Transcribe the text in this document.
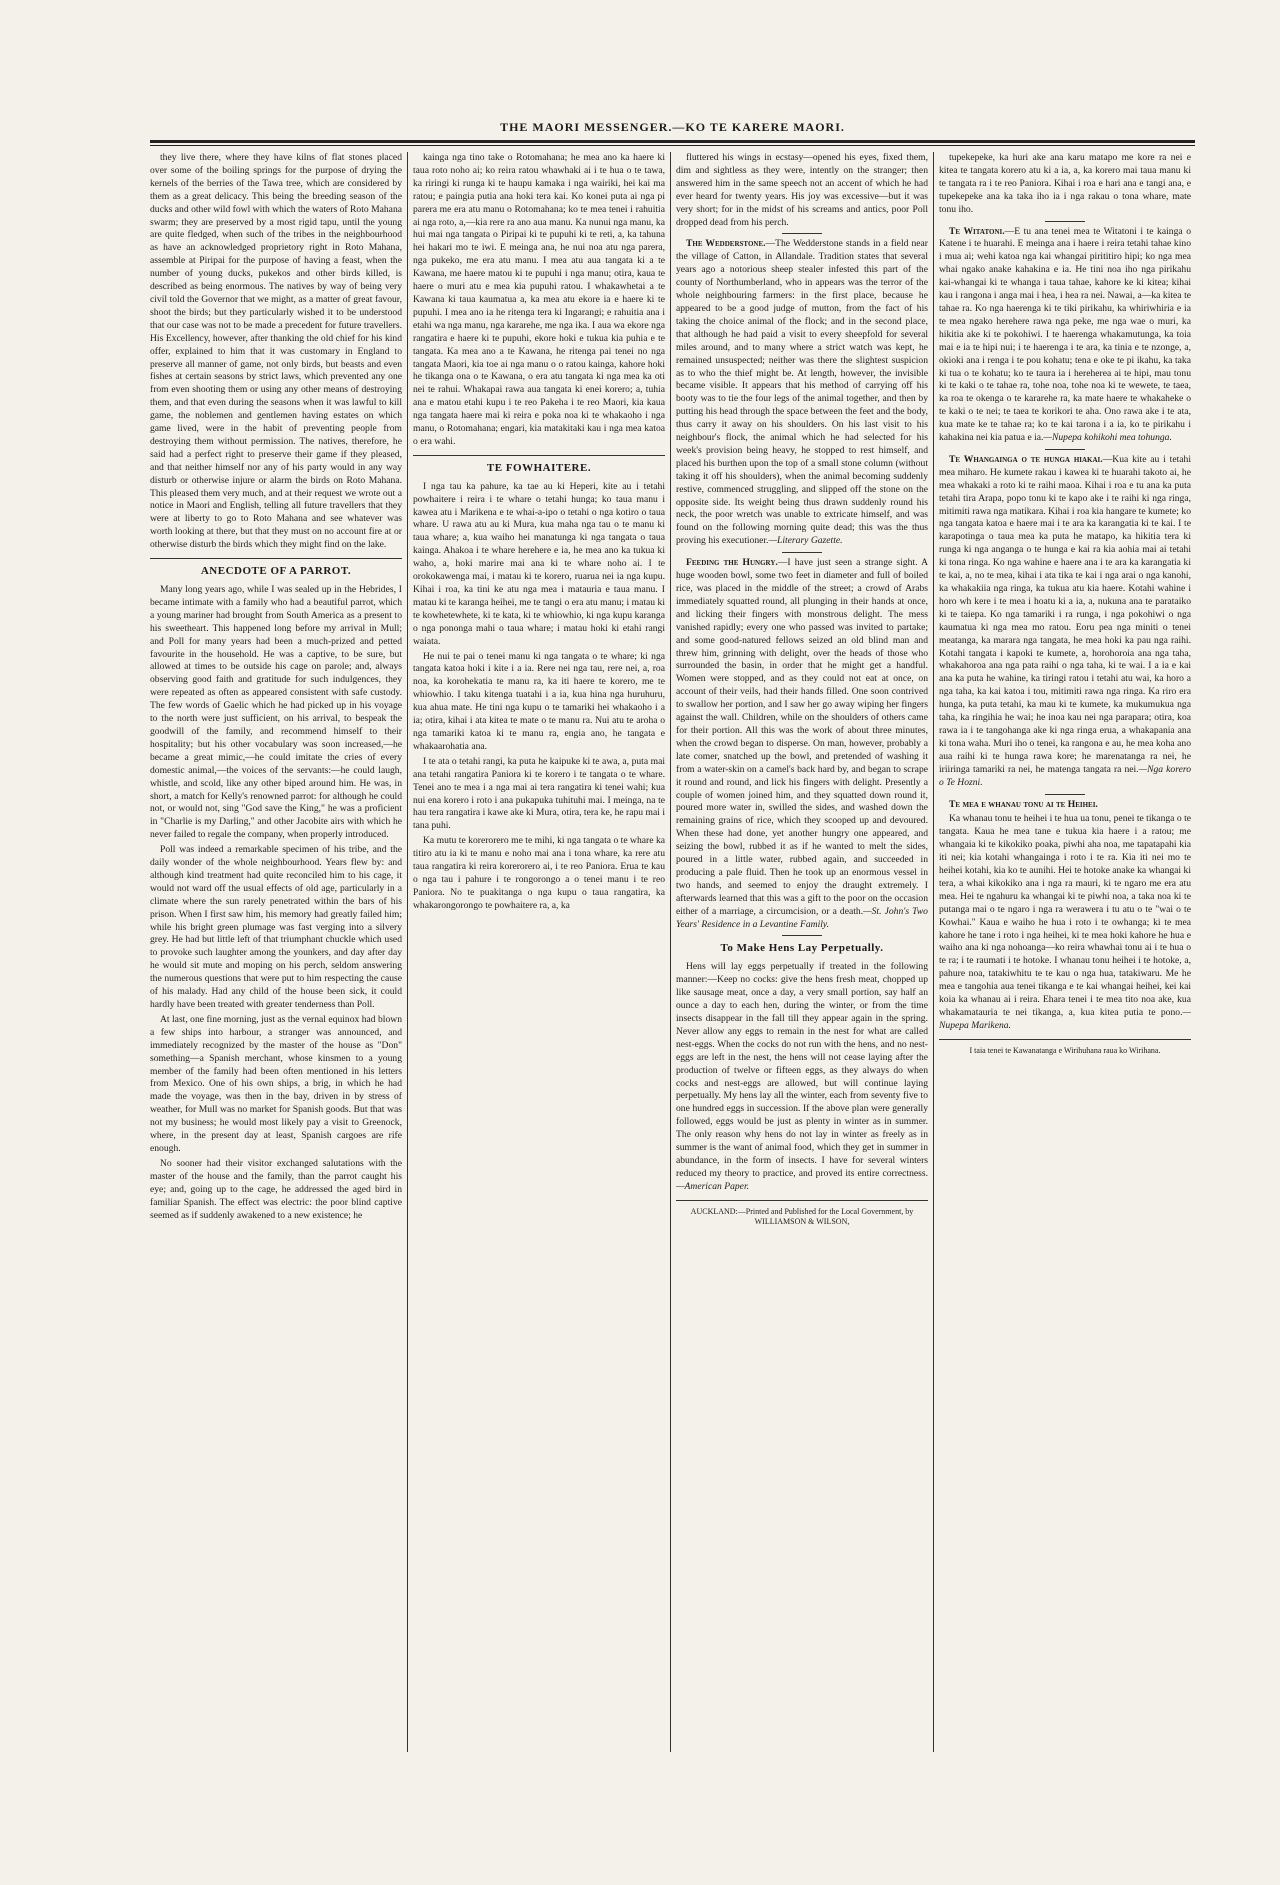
THE MAORI MESSENGER.—KO TE KARERE MAORI.

they live there, where they have kilns of flat stones placed over some of the boiling springs for the purpose of drying the kernels of the berries of the Tawa tree, which are considered by them as a great delicacy. This being the breeding season of the ducks and other wild fowl with which the waters of Roto Mahana swarm; they are preserved by a most rigid tapu, until the young are quite fledged, when such of the tribes in the neighbourhood as have an acknowledged proprietory right in Roto Mahana, assemble at Piripai for the purpose of having a feast, when the number of young ducks, pukekos and other birds killed, is described as being enormous. The natives by way of being very civil told the Governor that we might, as a matter of great favour, shoot the birds; but they particularly wished it to be understood that our case was not to be made a precedent for future travellers. His Excellency, however, after thanking the old chief for his kind offer, explained to him that it was customary in England to preserve all manner of game, not only birds, but beasts and even fishes at certain seasons by strict laws, which prevented any one from even shooting them or using any other means of destroying them, and that even during the seasons when it was lawful to kill game, the noblemen and gentlemen having estates on which game lived, were in the habit of preventing people from destroying them without permission. The natives, therefore, he said had a perfect right to preserve their game if they pleased, and that neither himself nor any of his party would in any way disturb or otherwise injure or alarm the birds on Roto Mahana. This pleased them very much, and at their request we wrote out a notice in Maori and English, telling all future travellers that they were at liberty to go to Roto Mahana and see whatever was worth looking at there, but that they must on no account fire at or otherwise disturb the birds which they might find on the lake.

ANECDOTE OF A PARROT.

Many long years ago, while I was sealed up in the Hebrides, I became intimate with a family who had a beautiful parrot, which a young mariner had brought from South America as a present to his sweetheart. This happened long before my arrival in Mull; and Poll for many years had been a much-prized and petted favourite in the household. He was a captive, to be sure, but allowed at times to be outside his cage on parole; and, always observing good faith and gratitude for such indulgences, they were repeated as often as appeared consistent with safe custody. The few words of Gaelic which he had picked up in his voyage to the north were just sufficient, on his arrival, to bespeak the goodwill of the family, and recommend himself to their hospitality; but his other vocabulary was soon increased,—he became a great mimic,—he could imitate the cries of every domestic animal,—the voices of the servants:—he could laugh, whistle, and scold, like any other biped around him. He was, in short, a match for Kelly's renowned parrot: for although he could not, or would not, sing "God save the King," he was a proficient in "Charlie is my Darling," and other Jacobite airs with which he never failed to regale the company, when properly introduced.

Poll was indeed a remarkable specimen of his tribe, and the daily wonder of the whole neighbourhood. Years flew by: and although kind treatment had quite reconciled him to his cage, it would not ward off the usual effects of old age, particularly in a climate where the sun rarely penetrated within the bars of his prison. When I first saw him, his memory had greatly failed him; while his bright green plumage was fast verging into a silvery grey. He had but little left of that triumphant chuckle which used to provoke such laughter among the younkers, and day after day he would sit mute and moping on his perch, seldom answering the numerous questions that were put to him respecting the cause of his malady. Had any child of the house been sick, it could hardly have been treated with greater tenderness than Poll.

At last, one fine morning, just as the vernal equinox had blown a few ships into harbour, a stranger was announced, and immediately recognized by the master of the house as "Don" something—a Spanish merchant, whose kinsmen to a young member of the family had been often mentioned in his letters from Mexico. One of his own ships, a brig, in which he had made the voyage, was then in the bay, driven in by stress of weather, for Mull was no market for Spanish goods. But that was not my business; he would most likely pay a visit to Greenock, where, in the present day at least, Spanish cargoes are rife enough.

No sooner had their visitor exchanged salutations with the master of the house and the family, than the parrot caught his eye; and, going up to the cage, he addressed the aged bird in familiar Spanish. The effect was electric: the poor blind captive seemed as if suddenly awakened to a new existence; he

kainga nga tino take o Rotomahana; he mea ano ka haere ki taua roto noho ai; ko reira ratou whawhaki ai i te hua o te tawa, ka riringi ki runga ki te haupu kamaka i nga wairiki, hei kai ma ratou; e paingia putia ana hoki tera kai. Ko konei puta ai nga pi parera me era atu manu o Rotomahana; ko te mea tenei i rahuitia ai nga roto, a,—kia rere ra ano aua manu. Ka nunui nga manu, ka hui mai nga tangata o Piripai ki te pupuhi ki te reti, a, ka tahuna hei hakari mo te iwi. E meinga ana, he nui noa atu nga parera, nga pukeko, me era atu manu. I mea atu aua tangata ki a te Kawana, me haere matou ki te pupuhi i nga manu; otira, kaua te haere o muri atu e mea kia pupuhi ratou. I whakawhetai a te Kawana ki taua kaumatua a, ka mea atu ekore ia e haere ki te pupuhi. I mea ano ia he ritenga tera ki Ingarangi; e rahuitia ana i etahi wa nga manu, nga kararehe, me nga ika. I aua wa ekore nga rangatira e haere ki te pupuhi, ekore hoki e tukua kia puhia e te tangata. Ka mea ano a te Kawana, he ritenga pai tenei no nga tangata Maori, kia toe ai nga manu o o ratou kainga, kahore hoki he tikanga ona o te Kawana, o era atu tangata ki nga mea ka oti nei te rahui. Whakapai rawa aua tangata ki enei korero; a, tuhia ana e matou etahi kupu i te reo Pakeha i te reo Maori, kia kaua nga tangata haere mai ki reira e poka noa ki te whakaoho i nga manu, o Rotomahana; engari, kia matakitaki kau i nga mea katoa o era wahi.

TE FOWHAITERE.

I nga tau ka pahure, ka tae au ki Heperi, kite au i tetahi powhaitere i reira i te whare o tetahi hunga; ko taua manu i kawea atu i Marikena e te whai-a-ipo o tetahi o nga kotiro o taua whare. U rawa atu au ki Mura, kua maha nga tau o te manu ki taua whare; a, kua waiho hei manatunga ki nga tangata o taua kainga. Ahakoa i te whare herehere e ia, he mea ano ka tukua ki waho, a, hoki marire mai ana ki te whare noho ai. I te orokokawenga mai, i matau ki te korero, ruarua nei ia nga kupu. Kihai i roa, ka tini ke atu nga mea i matauria e taua manu. I matau ki te karanga heihei, me te tangi o era atu manu; i matau ki te kowhetewhete, ki te kata, ki te whiowhio, ki nga kupu karanga o nga pononga mahi o taua whare; i matau hoki ki etahi rangi waiata.

He nui te pai o tenei manu ki nga tangata o te whare; ki nga tangata katoa hoki i kite i a ia. Rere nei nga tau, rere nei, a, roa noa, ka korohekatia te manu ra, ka iti haere te korero, me te whiowhio. I taku kitenga tuatahi i a ia, kua hina nga huruhuru, kua ahua mate. He tini nga kupu o te tamariki hei whakaoho i a ia; otira, kihai i ata kitea te mate o te manu ra. Nui atu te aroha o nga tamariki katoa ki te manu ra, engia ano, he tangata e whakaarohatia ana.

I te ata o tetahi rangi, ka puta he kaipuke ki te awa, a, puta mai ana tetahi rangatira Paniora ki te korero i te tangata o te whare. Tenei ano te mea i a nga mai ai tera rangatira ki tenei wahi; kua nui ena korero i roto i ana pukapuka tuhituhi mai. I meinga, na te hau tera rangatira i kawe ake ki Mura, otira, tera ke, he rapu mai i tana puhi.

Ka mutu te korerorero me te mihi, ki nga tangata o te whare ka titiro atu ia ki te manu e noho mai ana i tona whare, ka rere atu taua rangatira ki reira korerorero ai, i te reo Paniora. Erua te kau o nga tau i pahure i te rongorongo a o tenei manu i te reo Paniora. No te puakitanga o nga kupu o taua rangatira, ka whakarongorongo te powhaitere ra, a, ka

fluttered his wings in ecstasy—opened his eyes, fixed them, dim and sightless as they were, intently on the stranger; then answered him in the same speech not an accent of which he had ever heard for twenty years. His joy was excessive—but it was very short; for in the midst of his screams and antics, poor Poll dropped dead from his perch.

The Wedderstone.—The Wedderstone stands in a field near the village of Catton, in Allandale. Tradition states that several years ago a notorious sheep stealer infested this part of the county of Northumberland, who in appears was the terror of the whole neighbouring farmers: in the first place, because he appeared to be a good judge of mutton, from the fact of his taking the choice animal of the flock; and in the second place, that although he had paid a visit to every sheepfold for several miles around, and to many where a strict watch was kept, he remained unsuspected; neither was there the slightest suspicion as to who the thief might be. At length, however, the invisible became visible. It appears that his method of carrying off his booty was to tie the four legs of the animal together, and then by putting his head through the space between the feet and the body, thus carry it away on his shoulders. On his last visit to his neighbour's flock, the animal which he had selected for his week's provision being heavy, he stopped to rest himself, and placed his burthen upon the top of a small stone column (without taking it off his shoulders), when the animal becoming suddenly restive, commenced struggling, and slipped off the stone on the opposite side. Its weight being thus drawn suddenly round his neck, the poor wretch was unable to extricate himself, and was found on the following morning quite dead; this was the thus proving his executioner.—Literary Gazette.

Feeding the Hungry.—I have just seen a strange sight. A huge wooden bowl, some two feet in diameter and full of boiled rice, was placed in the middle of the street; a crowd of Arabs immediately squatted round, all plunging in their hands at once, and licking their fingers with monstrous delight. The mess vanished rapidly; every one who passed was invited to partake; and some good-natured fellows seized an old blind man and threw him, grinning with delight, over the heads of those who surrounded the basin, in order that he might get a handful. Women were stopped, and as they could not eat at once, on account of their veils, had their hands filled. One soon contrived to swallow her portion, and I saw her go away wiping her fingers against the wall. Children, while on the shoulders of others came for their portion. All this was the work of about three minutes, when the crowd began to disperse. On man, however, probably a late comer, snatched up the bowl, and pretended of washing it from a water-skin on a camel's back hard by, and began to scrape it round and round, and lick his fingers with delight. Presently a couple of women joined him, and they squatted down round it, poured more water in, swilled the sides, and washed down the remaining grains of rice, which they scooped up and devoured. When these had done, yet another hungry one appeared, and seizing the bowl, rubbed it as if he wanted to melt the sides, poured in a little water, rubbed again, and succeeded in producing a pale fluid. Then he took up an enormous vessel in two hands, and seemed to enjoy the draught extremely. I afterwards learned that this was a gift to the poor on the occasion either of a marriage, a circumcision, or a death.—St. John's Two Years' Residence in a Levantine Family.

To Make Hens Lay Perpetually.

Hens will lay eggs perpetually if treated in the following manner:—Keep no cocks: give the hens fresh meat, chopped up like sausage meat, once a day, a very small portion, say half an ounce a day to each hen, during the winter, or from the time insects disappear in the fall till they appear again in the spring. Never allow any eggs to remain in the nest for what are called nest-eggs. When the cocks do not run with the hens, and no nest-eggs are left in the nest, the hens will not cease laying after the production of twelve or fifteen eggs, as they always do when cocks and nest-eggs are allowed, but will continue laying perpetually. My hens lay all the winter, each from seventy five to one hundred eggs in succession. If the above plan were generally followed, eggs would be just as plenty in winter as in summer. The only reason why hens do not lay in winter as freely as in summer is the want of animal food, which they get in summer in abundance, in the form of insects. I have for several winters reduced my theory to practice, and proved its entire correctness.—American Paper.

AUCKLAND:—Printed and Published for the Local Government, by WILLIAMSON & WILSON,

tupekepeke, ka huri ake ana karu matapo me kore ra nei e kitea te tangata korero atu ki a ia, a, ka korero mai taua manu ki te tangata ra i te reo Paniora. Kihai i roa e hari ana e tangi ana, e tupekepeke ana ka taka iho ia i nga rakau o tona whare, mate tonu iho.

Te Witatoni.—E tu ana tenei mea te Witatoni i te kainga o Katene i te huarahi. E meinga ana i haere i reira tetahi tahae kino i mua ai; wehi katoa nga kai whangai pirititiro hipi; ko nga mea whai ngako anake kahakina e ia. He tini noa iho nga pirikahu kai-whangai ki te whanga i taua tahae, kahore ke ki kitea; kihai kau i rangona i anga mai i hea, i hea ra nei. Nawai, a—ka kitea te tahae ra. Ko nga haerenga ki te tiki pirikahu, ka whiriwhiria e ia te mea ngako herehere rawa nga peke, me nga wae o muri, ka hikitia ake ki te pokohiwi. I te haerenga whakamutunga, ka toia mai e ia te hipi nui; i te haerenga i te ara, ka tinia e te nzonge, a, okioki ana i renga i te pou kohatu; tena e oke te pi ikahu, ka taka ki tua o te kohatu; ko te taura ia i hereherea ai te hipi, mau tonu ki te kaki o te tahae ra, tohe noa, tohe noa ki te wewete, te taea, ka roa te okenga o te kararehe ra, ka mate haere te whakaheke o te kaki o te nei; te taea te korikori te aha. Ono rawa ake i te ata, kua mate ke te tahae ra; ko te kai tarona i a ia, ko te pirikahu i kahakina nei kia patua e ia.—Nupepa kohikohi mea tohunga.

Te Whangainga o te hunga hiakai.—Kua kite au i tetahi mea miharo. He kumete rakau i kawea ki te huarahi takoto ai, he mea whakaki a roto ki te raihi maoa. Kihai i roa e tu ana ka puta tetahi tira Arapa, popo tonu ki te kapo ake i te raihi ki nga ringa, mitimiti rawa nga matikara. Kihai i roa kia hangare te kumete; ko nga tangata katoa e haere mai i te ara ka karangatia ki te kai. I te karapotinga o taua mea ka puta he matapo, ka hikitia tera ki runga ki nga anganga o te hunga e kai ra kia aohia mai ai tetahi ki tona ringa. Ko nga wahine e haere ana i te ara ka karangatia ki te kai, a, no te mea, kihai i ata tika te kai i nga arai o nga kanohi, ka whakakiia nga ringa, ka tukua atu kia haere. Kotahi wahine i horo wh kere i te mea i hoatu ki a ia, a, nukuna ana te parataiko ki te taiepa. Ko nga tamariki i ra runga, i nga pokohiwi o nga kaumatua ki nga mea mo ratou. Eoru pea nga miniti o tenei meatanga, ka marara nga tangata, he mea hoki ka pau nga raihi. Kotahi tangata i kapoki te kumete, a, horohoroia ana nga taha, whakahoroa ana nga pata raihi o nga taha, ki te wai. I a ia e kai ana ka puta he wahine, ka tiringi ratou i tetahi atu wai, ka horo a nga taha, ka kai katoa i tou, mitimiti rawa nga ringa. Ka riro era hunga, ka puta tetahi, ka mau ki te kumete, ka mukumukua nga taha, ka ringihia he wai; he inoa kau nei nga parapara; otira, koa rawa ia i te tangohanga ake ki nga ringa erua, a whakapania ana ki tona waha. Muri iho o tenei, ka rangona e au, he mea koha ano aua raihi ki te hunga rawa kore; he marenatanga ra nei, he iriiringa tamariki ra nei, he matenga tangata ra nei.—Nga korero o Te Hozni.

Te mea e whanau tonu ai te Heihei.

Ka whanau tonu te heihei i te hua ua tonu, penei te tikanga o te tangata. Kaua he mea tane e tukua kia haere i a ratou; me whangaia ki te kikokiko poaka, piwhi aha noa, me tapatapahi kia iti nei; kia kotahi whangainga i roto i te ra. Kia iti nei mo te heihei kotahi, kia ko te aunihi. Hei te hotoke anake ka whangai ki tera, a whai kikokiko ana i nga ra mauri, ki te ngaro me era atu mea. Hei te ngahuru ka whangai ki te piwhi noa, a taka noa ki te putanga mai o te ngaro i nga ra werawera i tu atu o te "wai o te Kowhai." Kaua e waiho he hua i roto i te owhanga; ki te mea kahore he tane i roto i nga heihei, ki te mea hoki kahore he hua e waiho ana ki nga nohoanga—ko reira whawhai tonu ai i te hua o te ra; i te raumati i te hotoke. I whanau tonu heihei i te hotoke, a, pahure noa, tatakiwhitu te te kau o nga hua, tatakiwaru. Me he mea e tangohia aua tenei tikanga e te kai whangai heihei, kei kai koia ka whanau ai i reira. Ehara tenei i te mea tito noa ake, kua whakamatauria te nei tikanga, a, kua kitea putia te pono.—Nupepa Marikena.

I taia tenei te Kawanatanga e Wirihuhana raua ko Wirihana.
